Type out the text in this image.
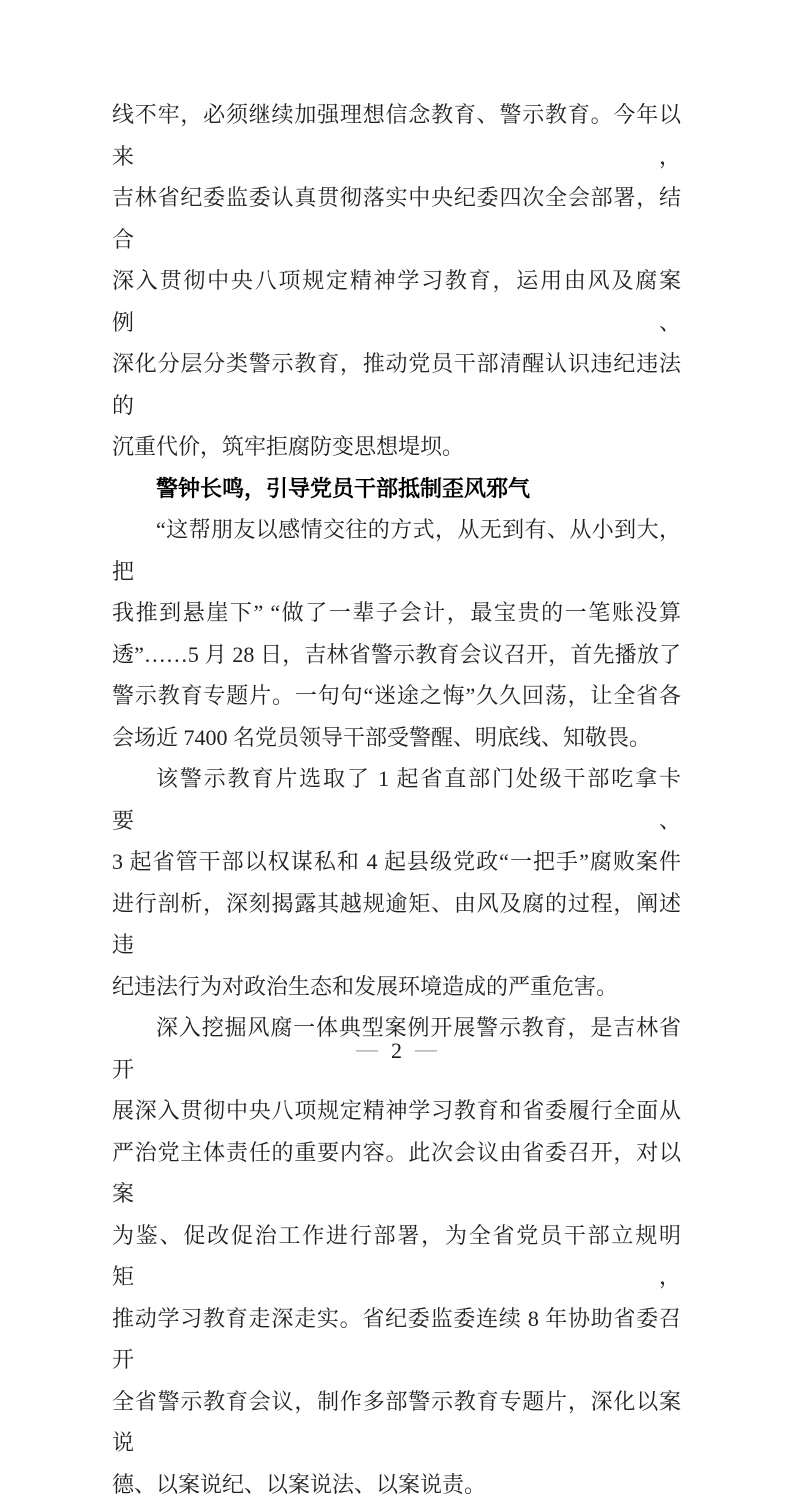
线不牢，必须继续加强理想信念教育、警示教育。今年以来，
吉林省纪委监委认真贯彻落实中央纪委四次全会部署，结合
深入贯彻中央八项规定精神学习教育，运用由风及腐案例、
深化分层分类警示教育，推动党员干部清醒认识违纪违法的
沉重代价，筑牢拒腐防变思想堤坝。
警钟长鸣，引导党员干部抵制歪风邪气
“这帮朋友以感情交往的方式，从无到有、从小到大，把
我推到悬崖下” “做了一辈子会计，最宝贵的一笔账没算
透”……5 月 28 日，吉林省警示教育会议召开，首先播放了
警示教育专题片。一句句“迷途之悔”久久回荡，让全省各
会场近 7400 名党员领导干部受警醒、明底线、知敬畏。
该警示教育片选取了 1 起省直部门处级干部吃拿卡要、
3 起省管干部以权谋私和 4 起县级党政“一把手”腐败案件
进行剖析，深刻揭露其越规逾矩、由风及腐的过程，阐述违
纪违法行为对政治生态和发展环境造成的严重危害。
深入挖掘风腐一体典型案例开展警示教育，是吉林省开
展深入贯彻中央八项规定精神学习教育和省委履行全面从
严治党主体责任的重要内容。此次会议由省委召开，对以案
为鉴、促改促治工作进行部署，为全省党员干部立规明矩，
推动学习教育走深走实。省纪委监委连续 8 年协助省委召开
全省警示教育会议，制作多部警示教育专题片，深化以案说
德、以案说纪、以案说法、以案说责。
— 2 —
